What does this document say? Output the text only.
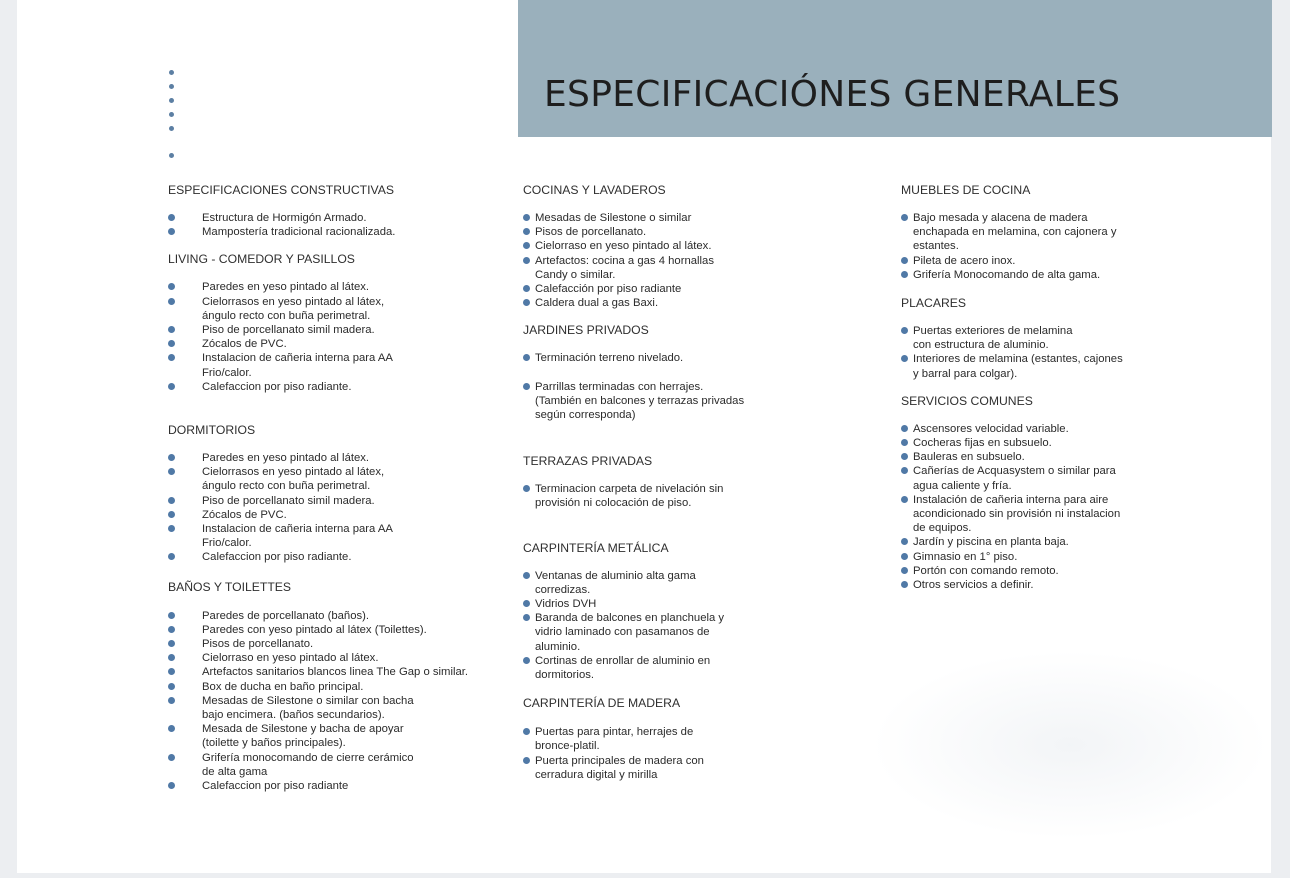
ESPECIFICACIÓNES GENERALES
ESPECIFICACIONES CONSTRUCTIVAS
Estructura de Hormigón Armado.
Mampostería tradicional racionalizada.
LIVING - COMEDOR Y PASILLOS
Paredes en yeso pintado al látex.
Cielorrasos en yeso pintado al látex,
ángulo recto con buña perimetral.
Piso de porcellanato simil madera.
Zócalos de PVC.
Instalacion de cañeria interna para AA
Frio/calor.
Calefaccion por piso radiante.
DORMITORIOS
Paredes en yeso pintado al látex.
Cielorrasos en yeso pintado al látex,
ángulo recto con buña perimetral.
Piso de porcellanato simil madera.
Zócalos de PVC.
Instalacion de cañeria interna para AA
Frio/calor.
Calefaccion por piso radiante.
BAÑOS Y TOILETTES
Paredes de porcellanato (baños).
Paredes con yeso pintado al látex (Toilettes).
Pisos de porcellanato.
Cielorraso en yeso pintado al látex.
Artefactos sanitarios blancos linea The Gap o similar.
Box de ducha en baño principal.
Mesadas de Silestone o similar con bacha
bajo encimera. (baños secundarios).
Mesada de Silestone y bacha de apoyar
(toilette y baños principales).
Grifería monocomando de cierre cerámico
de alta gama
Calefaccion por piso radiante
COCINAS Y LAVADEROS
Mesadas de Silestone o similar
Pisos de porcellanato.
Cielorraso en yeso pintado al látex.
Artefactos: cocina a gas 4 hornallas
Candy o similar.
Calefacción por piso radiante
Caldera dual a gas Baxi.
JARDINES PRIVADOS
Terminación terreno nivelado.
Parrillas terminadas con herrajes.
(También en balcones y terrazas privadas
según corresponda)
TERRAZAS PRIVADAS
Terminacion carpeta de nivelación sin
provisión ni colocación de piso.
CARPINTERÍA METÁLICA
Ventanas de aluminio alta gama
corredizas.
Vidrios DVH
Baranda de balcones en planchuela y
vidrio laminado con pasamanos de
aluminio.
Cortinas de enrollar de aluminio en
dormitorios.
CARPINTERÍA DE MADERA
Puertas para pintar, herrajes de
bronce-platil.
Puerta principales de madera con
cerradura digital y mirilla
MUEBLES DE COCINA
Bajo mesada y alacena de madera
enchapada en melamina, con cajonera y
estantes.
Pileta de acero inox.
Grifería Monocomando de alta gama.
PLACARES
Puertas exteriores de melamina
con estructura de aluminio.
Interiores de melamina (estantes, cajones
y barral para colgar).
SERVICIOS COMUNES
Ascensores velocidad variable.
Cocheras fijas en subsuelo.
Bauleras en subsuelo.
Cañerías de Acquasystem o similar para
agua caliente y fría.
Instalación de cañeria interna para aire
acondicionado sin provisión ni instalacion
de equipos.
Jardín y piscina en planta baja.
Gimnasio en 1° piso.
Portón con comando remoto.
Otros servicios a definir.
